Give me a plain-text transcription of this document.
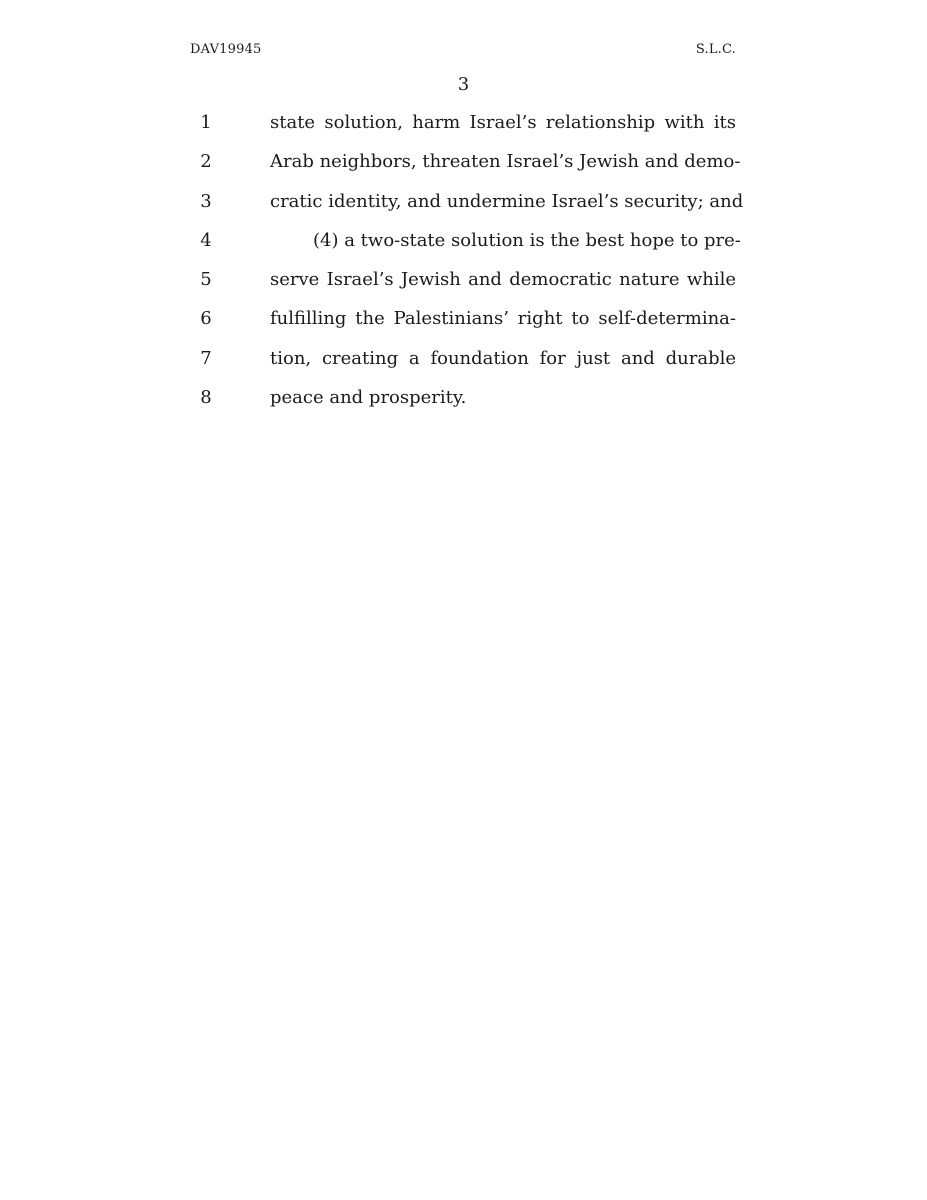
DAV19945	S.L.C.
3
1	state solution, harm Israel’s relationship with its
2	Arab neighbors, threaten Israel’s Jewish and demo-
3	cratic identity, and undermine Israel’s security; and
4	(4) a two-state solution is the best hope to pre-
5	serve Israel’s Jewish and democratic nature while
6	fulfilling the Palestinians’ right to self-determina-
7	tion, creating a foundation for just and durable
8	peace and prosperity.
